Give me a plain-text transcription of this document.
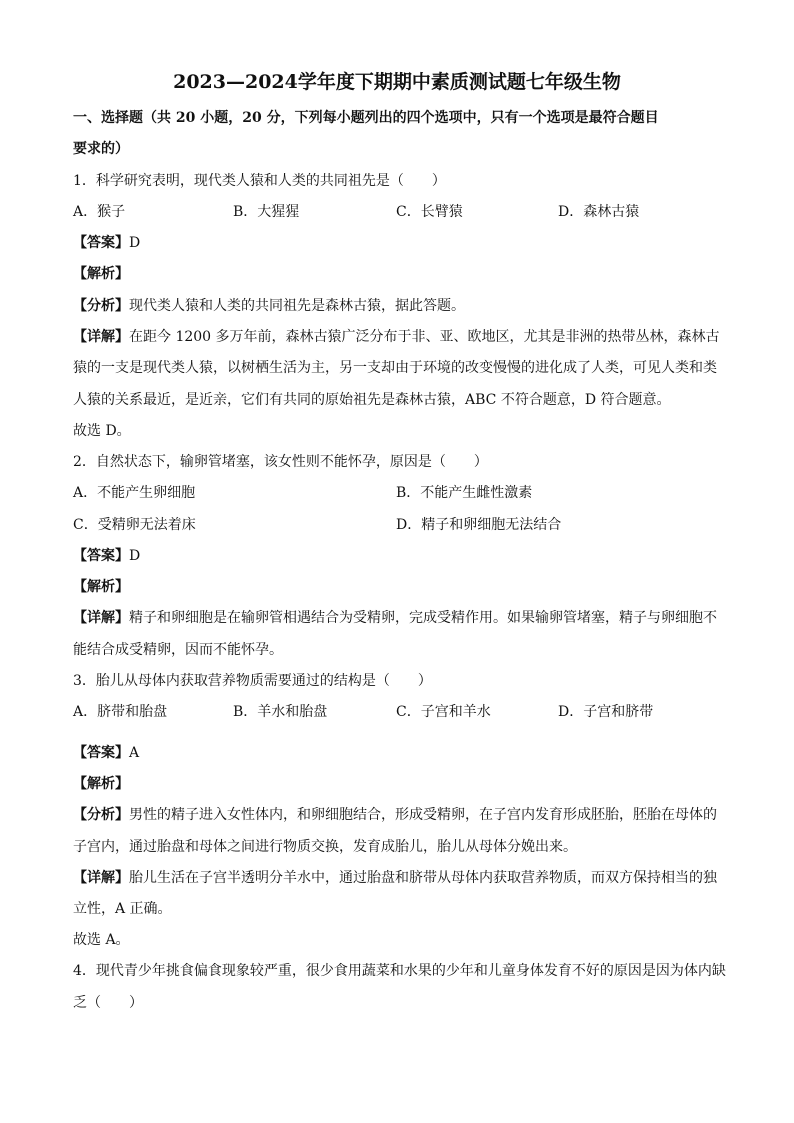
2023—2024学年度下期期中素质测试题七年级生物
一、选择题（共 20 小题，20 分，下列每小题列出的四个选项中，只有一个选项是最符合题目
要求的）
1．科学研究表明，现代类人猿和人类的共同祖先是（　　）
A．猴子	B．大猩猩	C．长臂猿	D．森林古猿
【答案】D
【解析】
【分析】现代类人猿和人类的共同祖先是森林古猿，据此答题。
【详解】在距今 1200 多万年前，森林古猿广泛分布于非、亚、欧地区，尤其是非洲的热带丛林，森林古
猿的一支是现代类人猿，以树栖生活为主，另一支却由于环境的改变慢慢的进化成了人类，可见人类和类
人猿的关系最近，是近亲，它们有共同的原始祖先是森林古猿，ABC 不符合题意，D 符合题意。
故选 D。
2．自然状态下，输卵管堵塞，该女性则不能怀孕，原因是（　　）
A．不能产生卵细胞	B．不能产生雌性激素
C．受精卵无法着床	D．精子和卵细胞无法结合
【答案】D
【解析】
【详解】精子和卵细胞是在输卵管相遇结合为受精卵，完成受精作用。如果输卵管堵塞，精子与卵细胞不
能结合成受精卵，因而不能怀孕。
3．胎儿从母体内获取营养物质需要通过的结构是（　　）
A．脐带和胎盘	B．羊水和胎盘	C．子宫和羊水	D．子宫和脐带
【答案】A
【解析】
【分析】男性的精子进入女性体内，和卵细胞结合，形成受精卵，在子宫内发育形成胚胎，胚胎在母体的
子宫内，通过胎盘和母体之间进行物质交换，发育成胎儿，胎儿从母体分娩出来。
【详解】胎儿生活在子宫半透明分羊水中，通过胎盘和脐带从母体内获取营养物质，而双方保持相当的独
立性，A 正确。
故选 A。
4．现代青少年挑食偏食现象较严重，很少食用蔬菜和水果的少年和儿童身体发育不好的原因是因为体内缺
乏（　　）
